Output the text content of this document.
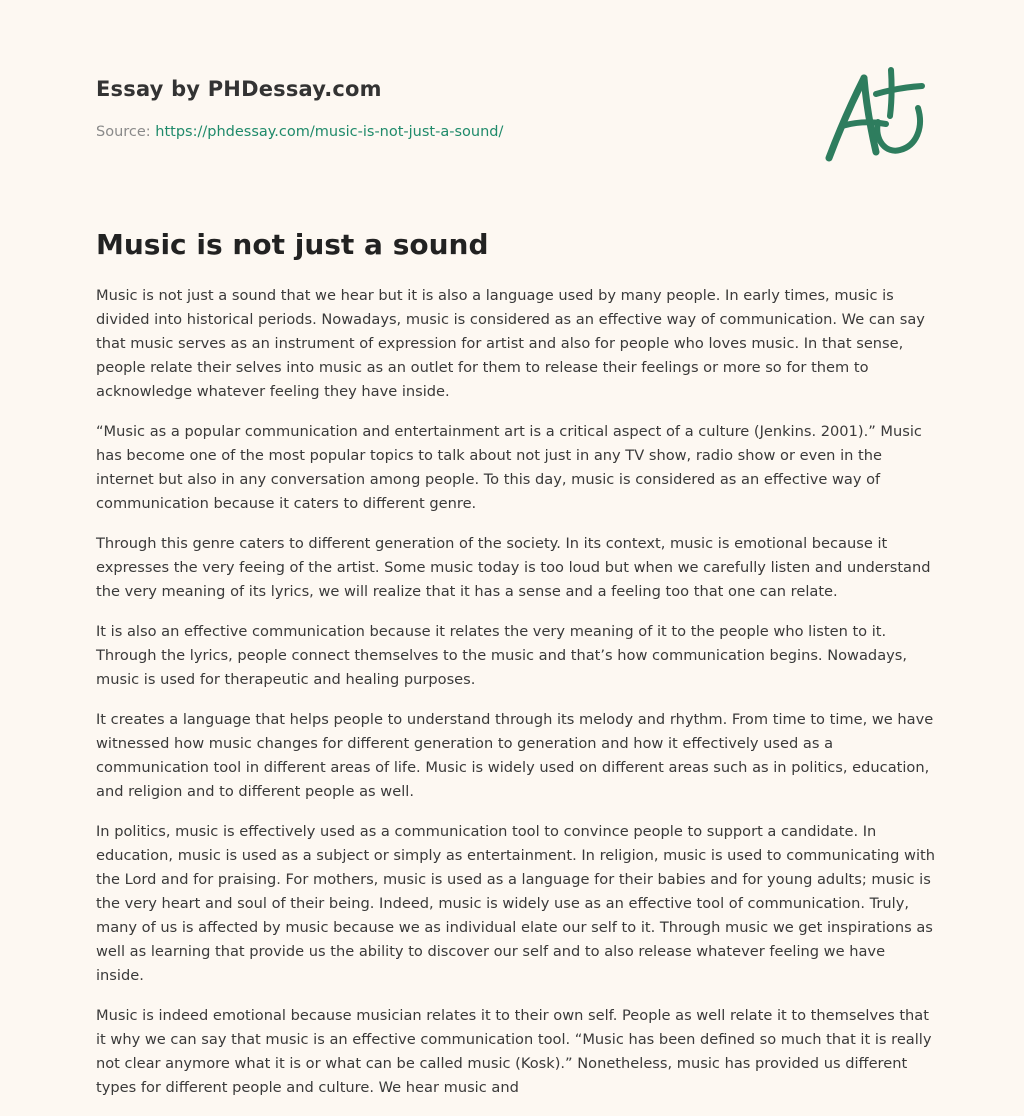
Essay by PHDessay.com
Source: https://phdessay.com/music-is-not-just-a-sound/
Music is not just a sound

Music is not just a sound that we hear but it is also a language used by many people. In early times, music is divided into historical periods. Nowadays, music is considered as an effective way of communication. We can say that music serves as an instrument of expression for artist and also for people who loves music. In that sense, people relate their selves into music as an outlet for them to release their feelings or more so for them to acknowledge whatever feeling they have inside.

“Music as a popular communication and entertainment art is a critical aspect of a culture (Jenkins. 2001).” Music has become one of the most popular topics to talk about not just in any TV show, radio show or even in the internet but also in any conversation among people. To this day, music is considered as an effective way of communication because it caters to different genre.

Through this genre caters to different generation of the society. In its context, music is emotional because it expresses the very feeing of the artist. Some music today is too loud but when we carefully listen and understand the very meaning of its lyrics, we will realize that it has a sense and a feeling too that one can relate.

It is also an effective communication because it relates the very meaning of it to the people who listen to it. Through the lyrics, people connect themselves to the music and that’s how communication begins. Nowadays, music is used for therapeutic and healing purposes.

It creates a language that helps people to understand through its melody and rhythm. From time to time, we have witnessed how music changes for different generation to generation and how it effectively used as a communication tool in different areas of life. Music is widely used on different areas such as in politics, education, and religion and to different people as well.

In politics, music is effectively used as a communication tool to convince people to support a candidate. In education, music is used as a subject or simply as entertainment. In religion, music is used to communicating with the Lord and for praising. For mothers, music is used as a language for their babies and for young adults; music is the very heart and soul of their being. Indeed, music is widely use as an effective tool of communication. Truly, many of us is affected by music because we as individual elate our self to it. Through music we get inspirations as well as learning that provide us the ability to discover our self and to also release whatever feeling we have inside.

Music is indeed emotional because musician relates it to their own self. People as well relate it to themselves that it why we can say that music is an effective communication tool. “Music has been defined so much that it is really not clear anymore what it is or what can be called music (Kosk).” Nonetheless, music has provided us different types for different people and culture. We hear music and
